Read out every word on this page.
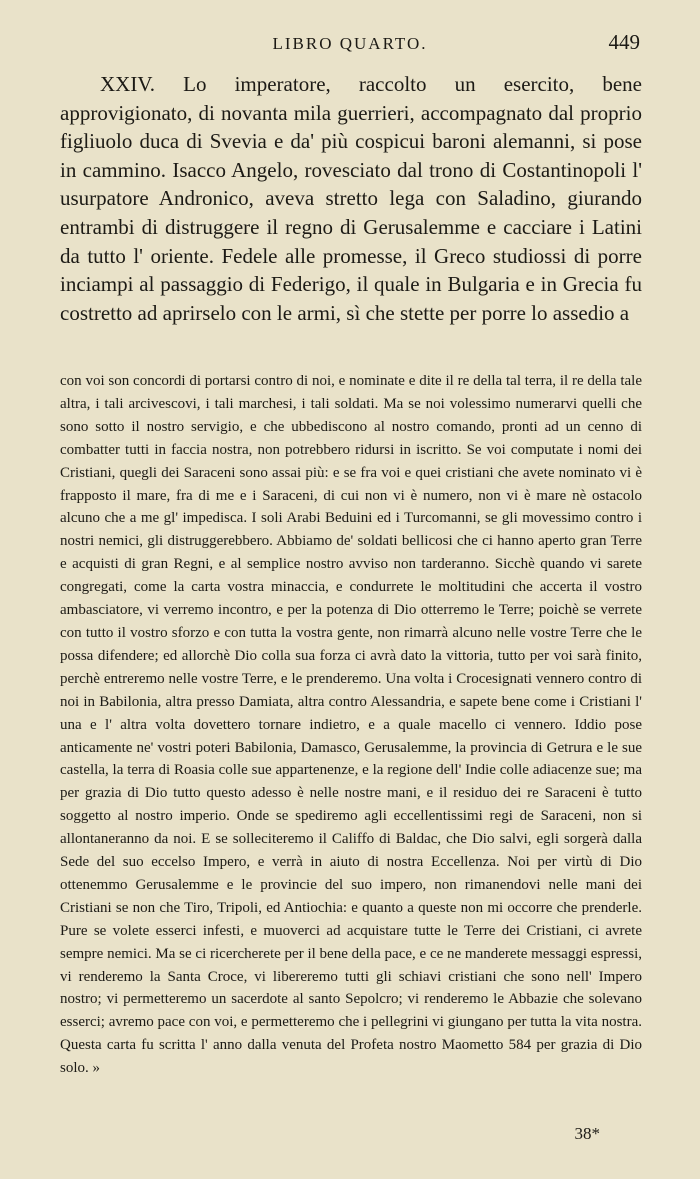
LIBRO QUARTO.	449

XXIV. Lo imperatore, raccolto un esercito, bene approvigionato, di novanta mila guerrieri, accompagnato dal proprio figliuolo duca di Svevia e da' più cospicui baroni alemanni, si pose in cammino. Isacco Angelo, rovesciato dal trono di Costantinopoli l' usurpatore Andronico, aveva stretto lega con Saladino, giurando entrambi di distruggere il regno di Gerusalemme e cacciare i Latini da tutto l' oriente. Fedele alle promesse, il Greco studiossi di porre inciampi al passaggio di Federigo, il quale in Bulgaria e in Grecia fu costretto ad aprirselo con le armi, sì che stette per porre lo assedio a

con voi son concordi di portarsi contro di noi, e nominate e dite il re della tal terra, il re della tale altra, i tali arcivescovi, i tali marchesi, i tali soldati. Ma se noi volessimo numerarvi quelli che sono sotto il nostro servigio, e che ubbediscono al nostro comando, pronti ad un cenno di combatter tutti in faccia nostra, non potrebbero ridursi in iscritto. Se voi computate i nomi dei Cristiani, quegli dei Saraceni sono assai più: e se fra voi e quei cristiani che avete nominato vi è frapposto il mare, fra di me e i Saraceni, di cui non vi è numero, non vi è mare nè ostacolo alcuno che a me gl' impedisca. I soli Arabi Beduini ed i Turcomanni, se gli movessimo contro i nostri nemici, gli distruggerebbero. Abbiamo de' soldati bellicosi che ci hanno aperto gran Terre e acquisti di gran Regni, e al semplice nostro avviso non tarderanno. Sicchè quando vi sarete congregati, come la carta vostra minaccia, e condurrete le moltitudini che accerta il vostro ambasciatore, vi verremo incontro, e per la potenza di Dio otterremo le Terre; poichè se verrete con tutto il vostro sforzo e con tutta la vostra gente, non rimarrà alcuno nelle vostre Terre che le possa difendere; ed allorchè Dio colla sua forza ci avrà dato la vittoria, tutto per voi sarà finito, perchè entreremo nelle vostre Terre, e le prenderemo. Una volta i Crocesignati vennero contro di noi in Babilonia, altra presso Damiata, altra contro Alessandria, e sapete bene come i Cristiani l' una e l' altra volta dovettero tornare indietro, e a quale macello ci vennero. Iddio pose anticamente ne' vostri poteri Babilonia, Damasco, Gerusalemme, la provincia di Getrura e le sue castella, la terra di Roasia colle sue appartenenze, e la regione dell' Indie colle adiacenze sue; ma per grazia di Dio tutto questo adesso è nelle nostre mani, e il residuo dei re Saraceni è tutto soggetto al nostro imperio. Onde se spediremo agli eccellentissimi regi de Saraceni, non si allontaneranno da noi. E se solleciteremo il Califfo di Baldac, che Dio salvi, egli sorgerà dalla Sede del suo eccelso Impero, e verrà in aiuto di nostra Eccellenza. Noi per virtù di Dio ottenemmo Gerusalemme e le provincie del suo impero, non rimanendovi nelle mani dei Cristiani se non che Tiro, Tripoli, ed Antiochia: e quanto a queste non mi occorre che prenderle. Pure se volete esserci infesti, e muoverci ad acquistare tutte le Terre dei Cristiani, ci avrete sempre nemici. Ma se ci ricercherete per il bene della pace, e ce ne manderete messaggi espressi, vi renderemo la Santa Croce, vi libereremo tutti gli schiavi cristiani che sono nell' Impero nostro; vi permetteremo un sacerdote al santo Sepolcro; vi renderemo le Abbazie che solevano esserci; avremo pace con voi, e permetteremo che i pellegrini vi giungano per tutta la vita nostra. Questa carta fu scritta l' anno dalla venuta del Profeta nostro Maometto 584 per grazia di Dio solo. »

38*
